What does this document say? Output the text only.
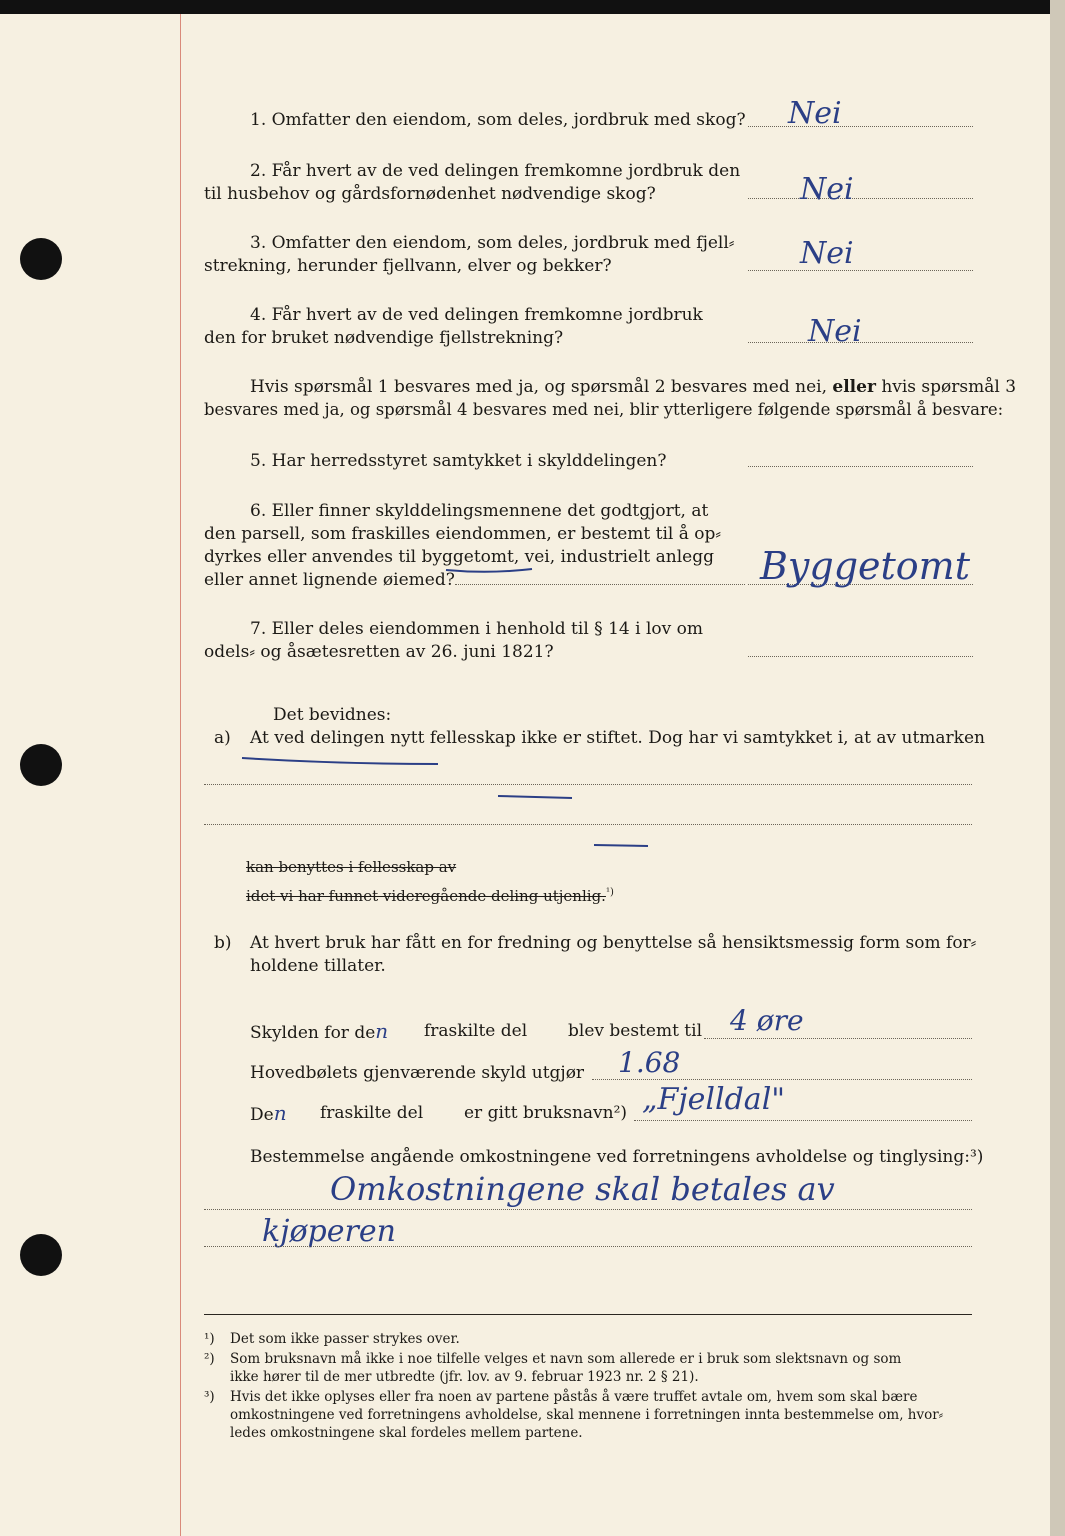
1. Omfatter den eiendom, som deles, jordbruk med skog? Nei
2. Får hvert av de ved delingen fremkomne jordbruk den
til husbehov og gårdsfornødenhet nødvendige skog?	Nei
3. Omfatter den eiendom, som deles, jordbruk med fjell⸗
strekning, herunder fjellvann, elver og bekker?	Nei
4. Får hvert av de ved delingen fremkomne jordbruk
den for bruket nødvendige fjellstrekning?	Nei
Hvis spørsmål 1 besvares med ja, og spørsmål 2 besvares med nei, eller hvis spørsmål 3
besvares med ja, og spørsmål 4 besvares med nei, blir ytterligere følgende spørsmål å besvare:
5. Har herredsstyret samtykket i skylddelingen?
6. Eller finner skylddelingsmennene det godtgjort, at
den parsell, som fraskilles eiendommen, er bestemt til å op⸗
dyrkes eller anvendes til byggetomt, vei, industrielt anlegg
eller annet lignende øiemed?	Byggetomt
7. Eller deles eiendommen i henhold til § 14 i lov om
odels⸗ og åsætesretten av 26. juni 1821?
Det bevidnes:
a) At ved delingen nytt fellesskap ikke er stiftet. Dog har vi samtykket i, at av utmarken
kan benyttes i fellesskap av
idet vi har funnet videregående deling utjenlig.$^{^1)}$
b) At hvert bruk har fått en for fredning og benyttelse så hensiktsmessig form som for⸗
holdene tillater.
Skylden for den fraskilte del blev bestemt til 4 øre
Hovedbølets gjenværende skyld utgjør 1.68
Den fraskilte del er gitt bruksnavn²) „Fjelldal"
Bestemmelse angående omkostningene ved forretningens avholdelse og tinglysing:³)
Omkostningene skal betales av
kjøperen
¹) Det som ikke passer strykes over.
²) Som bruksnavn må ikke i noe tilfelle velges et navn som allerede er i bruk som slektsnavn og som
ikke hører til de mer utbredte (jfr. lov. av 9. februar 1923 nr. 2 § 21).
³) Hvis det ikke oplyses eller fra noen av partene påstås å være truffet avtale om, hvem som skal bære
omkostningene ved forretningens avholdelse, skal mennene i forretningen innta bestemmelse om, hvor⸗
ledes omkostningene skal fordeles mellem partene.
